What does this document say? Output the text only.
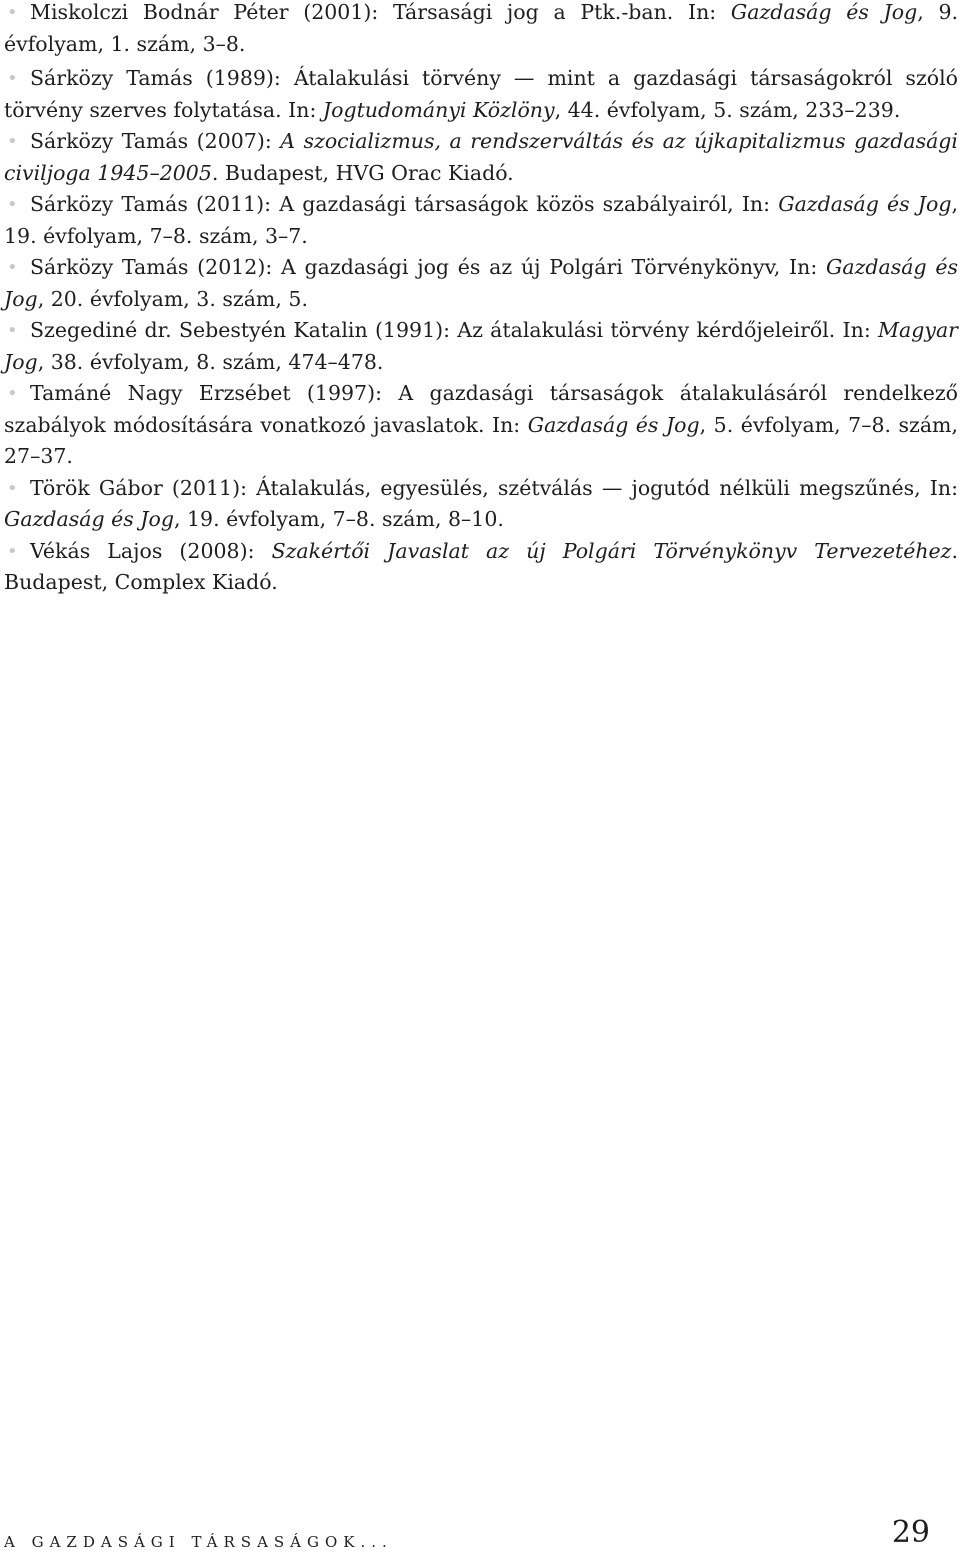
• Miskolczi Bodnár Péter (2001): Társasági jog a Ptk.-ban. In: Gazdaság és Jog, 9. évfolyam, 1. szám, 3–8.
• Sárközy Tamás (1989): Átalakulási törvény — mint a gazdasági társaságokról szóló törvény szerves folytatása. In: Jogtudományi Közlöny, 44. évfolyam, 5. szám, 233–239.
• Sárközy Tamás (2007): A szocializmus, a rendszerváltás és az újkapitalizmus gazdasági civiljoga 1945–2005. Budapest, HVG Orac Kiadó.
• Sárközy Tamás (2011): A gazdasági társaságok közös szabályairól, In: Gazdaság és Jog, 19. évfolyam, 7–8. szám, 3–7.
• Sárközy Tamás (2012): A gazdasági jog és az új Polgári Törvénykönyv, In: Gazdaság és Jog, 20. évfolyam, 3. szám, 5.
• Szegediné dr. Sebestyén Katalin (1991): Az átalakulási törvény kérdőjeleiről. In: Magyar Jog, 38. évfolyam, 8. szám, 474–478.
• Tamáné Nagy Erzsébet (1997): A gazdasági társaságok átalakulásáról rendelkező szabályok módosítására vonatkozó javaslatok. In: Gazdaság és Jog, 5. évfolyam, 7–8. szám, 27–37.
• Török Gábor (2011): Átalakulás, egyesülés, szétválás — jogutód nélküli megszűnés, In: Gazdaság és Jog, 19. évfolyam, 7–8. szám, 8–10.
• Vékás Lajos (2008): Szakértői Javaslat az új Polgári Törvénykönyv Tervezetéhez. Budapest, Complex Kiadó.
A GAZDASÁGI TÁRSASÁGOK...	29
